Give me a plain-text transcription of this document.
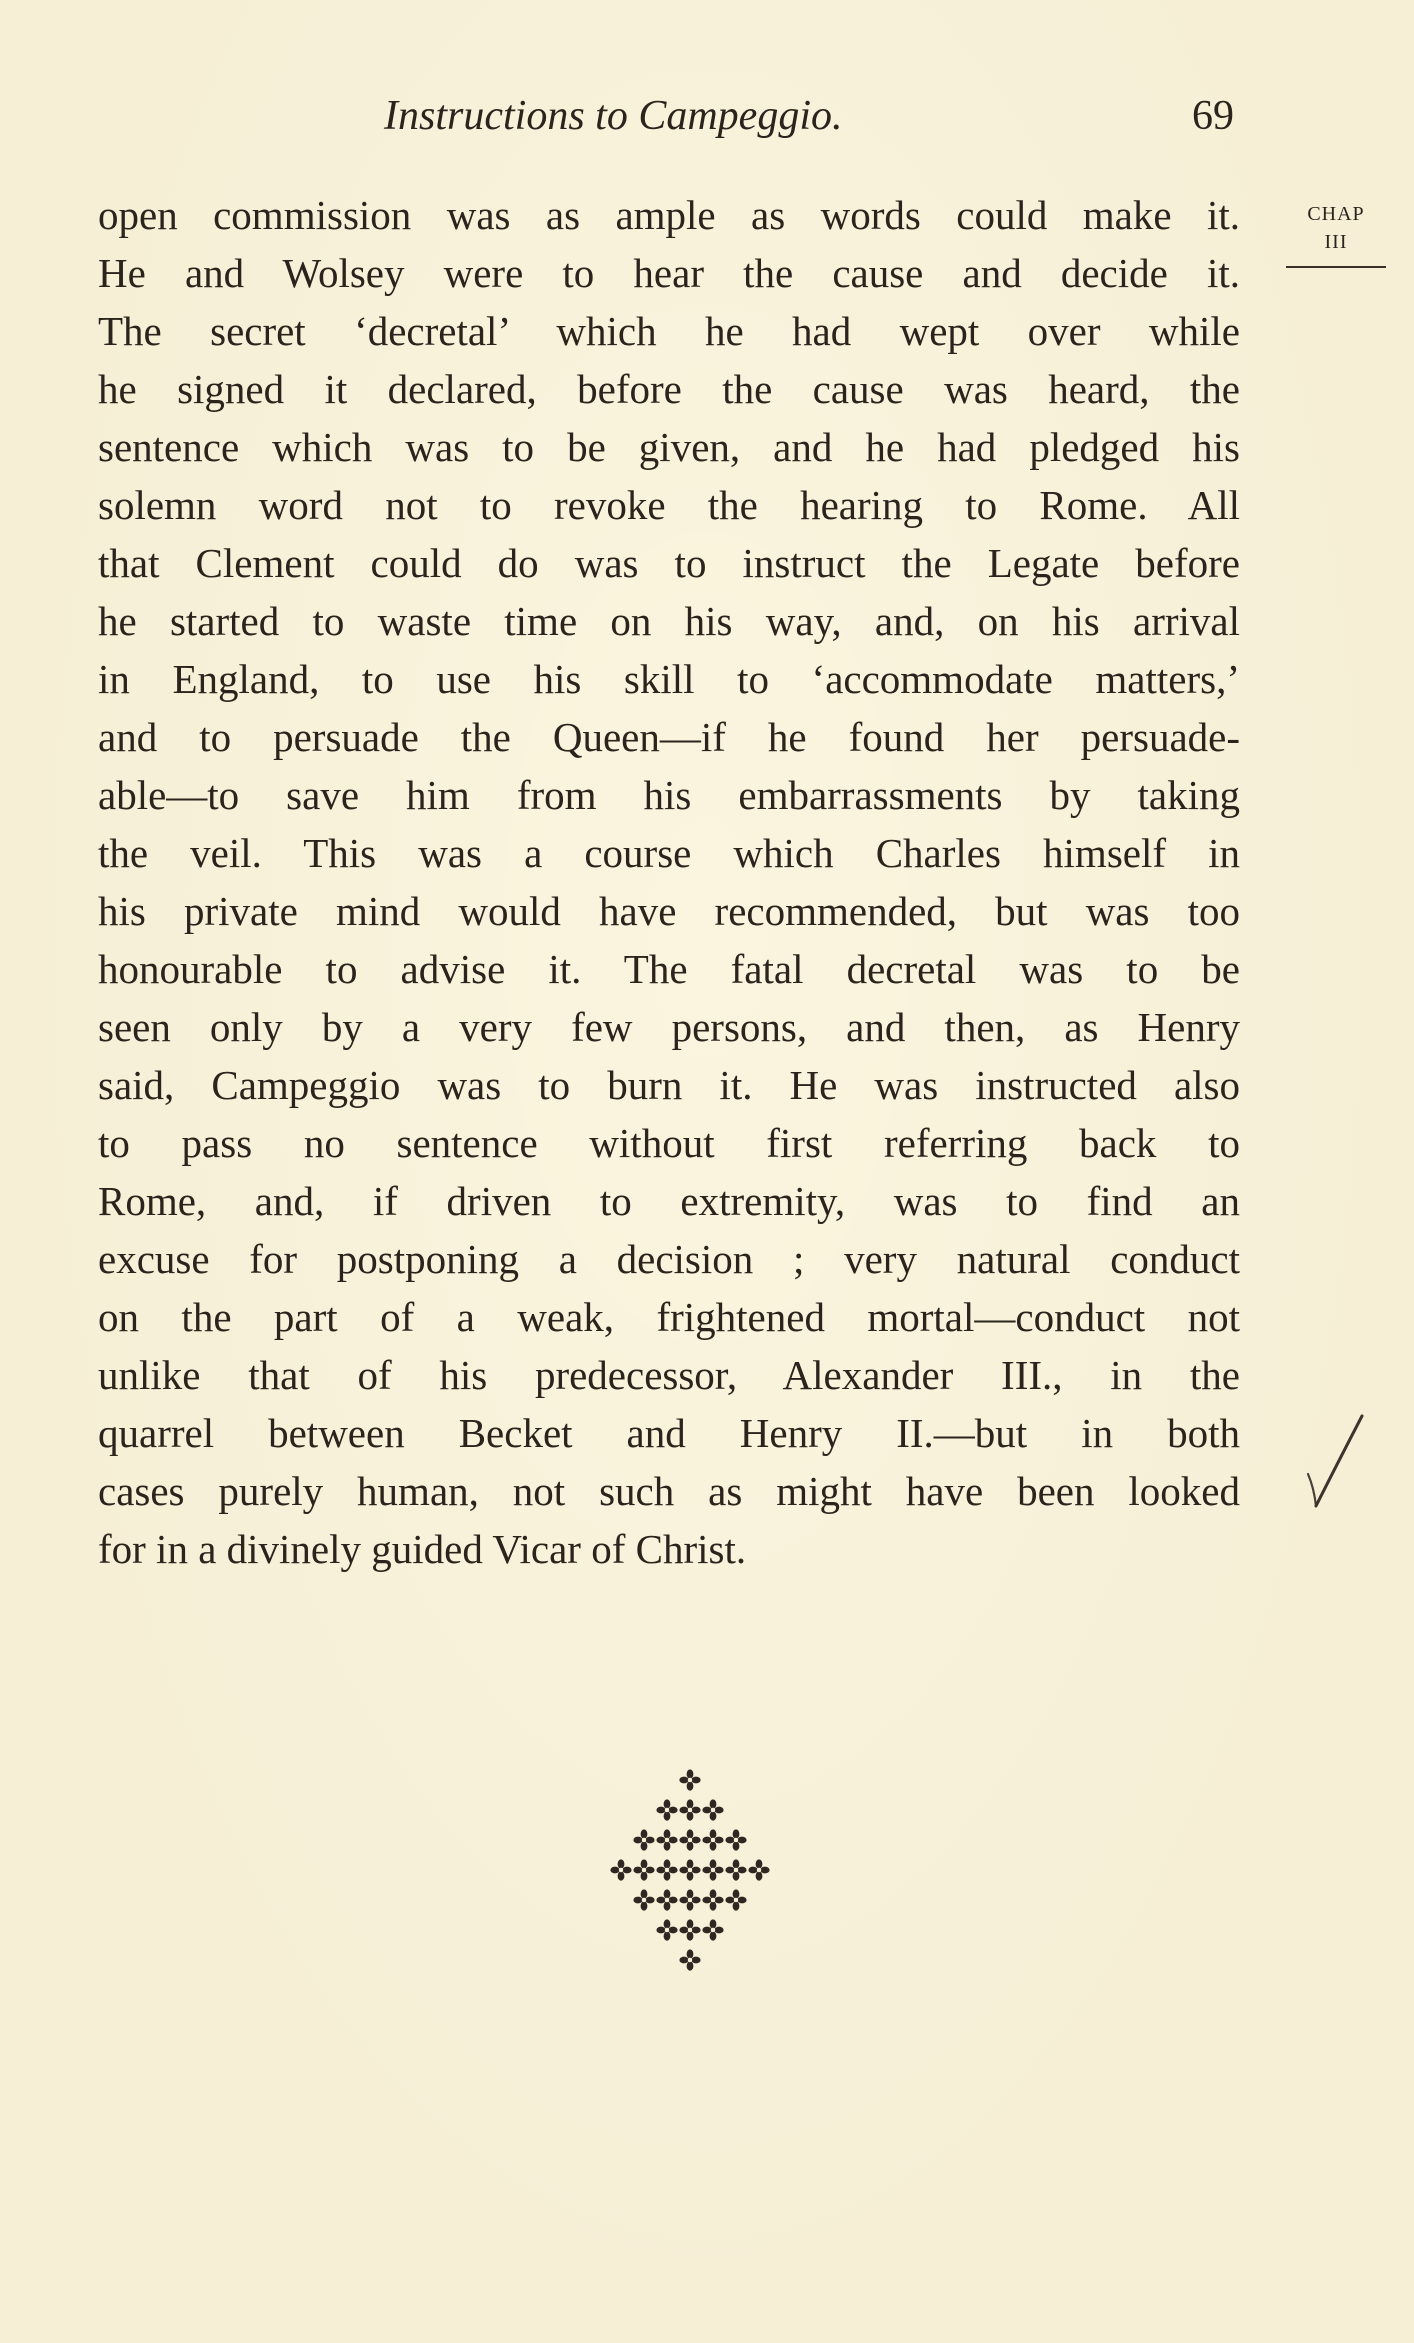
Instructions to Campeggio.	69
CHAP
III
open commission was as ample as words could make it.
He and Wolsey were to hear the cause and decide it.
The secret ‘decretal’ which he had wept over while
he signed it declared, before the cause was heard, the
sentence which was to be given, and he had pledged his
solemn word not to revoke the hearing to Rome. All
that Clement could do was to instruct the Legate before
he started to waste time on his way, and, on his arrival
in England, to use his skill to ‘accommodate matters,’
and to persuade the Queen—if he found her persuade-
able—to save him from his embarrassments by taking
the veil. This was a course which Charles himself in
his private mind would have recommended, but was too
honourable to advise it. The fatal decretal was to be
seen only by a very few persons, and then, as Henry
said, Campeggio was to burn it. He was instructed also
to pass no sentence without first referring back to
Rome, and, if driven to extremity, was to find an
excuse for postponing a decision ; very natural conduct
on the part of a weak, frightened mortal—conduct not
unlike that of his predecessor, Alexander III., in the
quarrel between Becket and Henry II.—but in both
cases purely human, not such as might have been looked
for in a divinely guided Vicar of Christ.
